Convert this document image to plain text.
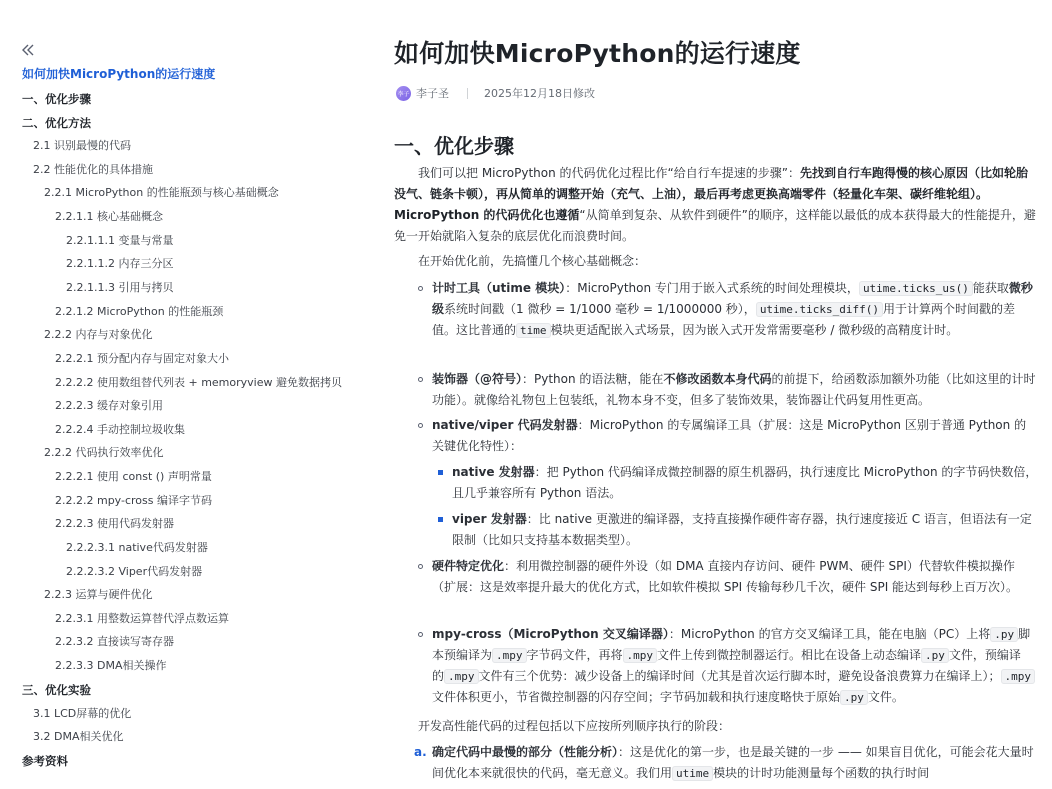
如何加快MicroPython的运行速度
一、优化步骤
二、优化方法
2.1 识别最慢的代码
2.2 性能优化的具体措施
2.2.1 MicroPython 的性能瓶颈与核心基础概念
2.2.1.1 核心基础概念
2.2.1.1.1 变量与常量
2.2.1.1.2 内存三分区
2.2.1.1.3 引用与拷贝
2.2.1.2 MicroPython 的性能瓶颈
2.2.2 内存与对象优化
2.2.2.1 预分配内存与固定对象大小
2.2.2.2 使用数组替代列表 + memoryview 避免数据拷贝
2.2.2.3 缓存对象引用
2.2.2.4 手动控制垃圾收集
2.2.2 代码执行效率优化
2.2.2.1 使用 const () 声明常量
2.2.2.2 mpy-cross 编译字节码
2.2.2.3 使用代码发射器
2.2.2.3.1 native代码发射器
2.2.2.3.2 Viper代码发射器
2.2.3 运算与硬件优化
2.2.3.1 用整数运算替代浮点数运算
2.2.3.2 直接读写寄存器
2.2.3.3 DMA相关操作
三、优化实验
3.1 LCD屏幕的优化
3.2 DMA相关优化
参考资料
如何加快MicroPython的运行速度
李子 李子圣	2025年12月18日修改
一、优化步骤
我们可以把 MicroPython 的代码优化过程比作“给自行车提速的步骤”：先找到自行车跑得慢的核心原因（比如轮胎没气、链条卡顿），再从简单的调整开始（充气、上油），最后再考虑更换高端零件（轻量化车架、碳纤维轮组）。MicroPython 的代码优化也遵循“从简单到复杂、从软件到硬件”的顺序，这样能以最低的成本获得最大的性能提升，避免一开始就陷入复杂的底层优化而浪费时间。
在开始优化前，先搞懂几个核心基础概念：
计时工具（utime 模块）：MicroPython 专门用于嵌入式系统的时间处理模块， utime.ticks_us() 能获取微秒级系统时间戳（1 微秒 = 1/1000 毫秒 = 1/1000000 秒）， utime.ticks_diff() 用于计算两个时间戳的差值。这比普通的 time 模块更适配嵌入式场景，因为嵌入式开发常需要毫秒 / 微秒级的高精度计时。
装饰器（@符号）：Python 的语法糖，能在不修改函数本身代码的前提下，给函数添加额外功能（比如这里的计时功能）。就像给礼物包上包装纸，礼物本身不变，但多了装饰效果，装饰器让代码复用性更高。
native/viper 代码发射器：MicroPython 的专属编译工具（扩展：这是 MicroPython 区别于普通 Python 的关键优化特性）：
native 发射器：把 Python 代码编译成微控制器的原生机器码，执行速度比 MicroPython 的字节码快数倍，且几乎兼容所有 Python 语法。
viper 发射器：比 native 更激进的编译器，支持直接操作硬件寄存器，执行速度接近 C 语言，但语法有一定限制（比如只支持基本数据类型）。
硬件特定优化：利用微控制器的硬件外设（如 DMA 直接内存访问、硬件 PWM、硬件 SPI）代替软件模拟操作（扩展：这是效率提升最大的优化方式，比如软件模拟 SPI 传输每秒几千次，硬件 SPI 能达到每秒上百万次）。
mpy-cross（MicroPython 交叉编译器）：MicroPython 的官方交叉编译工具，能在电脑（PC）上将 .py 脚本预编译为 .mpy 字节码文件，再将 .mpy 文件上传到微控制器运行。相比在设备上动态编译 .py 文件，预编译的 .mpy 文件有三个优势：减少设备上的编译时间（尤其是首次运行脚本时，避免设备浪费算力在编译上）； .mpy文件体积更小，节省微控制器的闪存空间；字节码加载和执行速度略快于原始 .py 文件。
开发高性能代码的过程包括以下应按所列顺序执行的阶段：
a. 确定代码中最慢的部分（性能分析）：这是优化的第一步，也是最关键的一步 —— 如果盲目优化，可能会花大量时间优化本来就很快的代码，毫无意义。我们用 utime 模块的计时功能测量每个函数的执行时间
